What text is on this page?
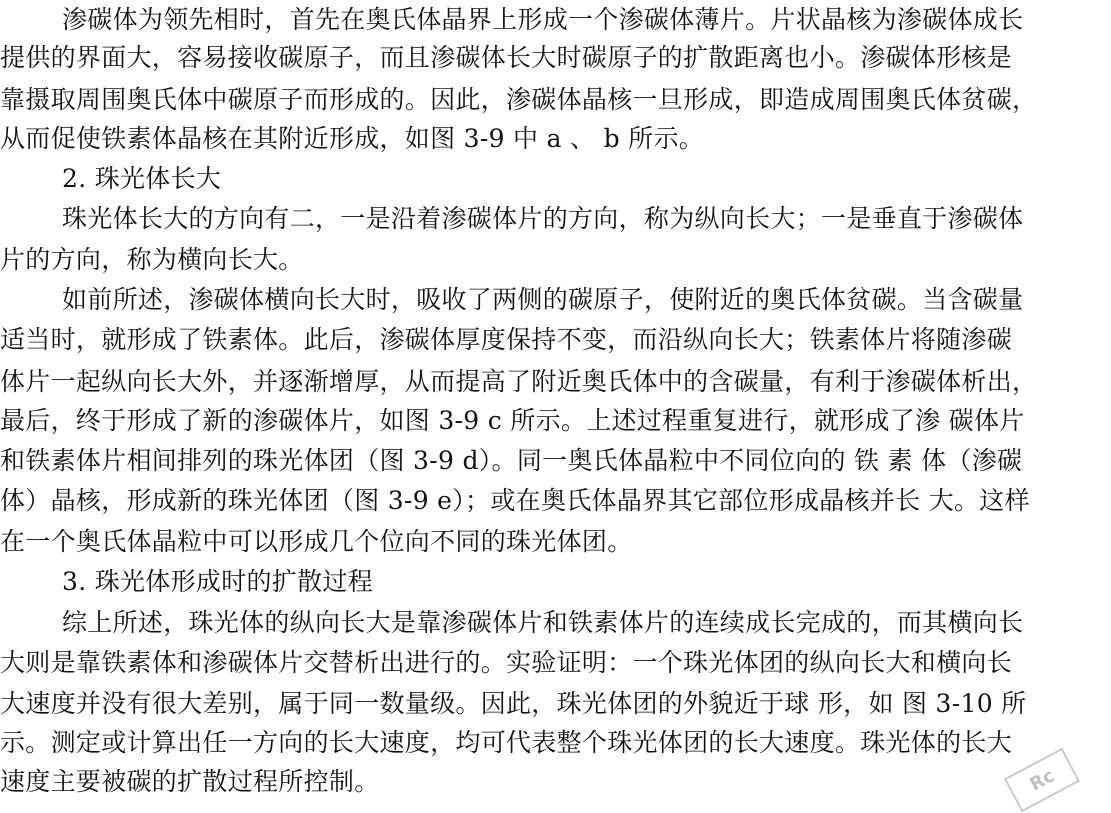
渗碳体为领先相时，首先在奥氏体晶界上形成一个渗碳体薄片。片状晶核为渗碳体成长
提供的界面大，容易接收碳原子，而且渗碳体长大时碳原子的扩散距离也小。渗碳体形核是
靠摄取周围奥氏体中碳原子而形成的。因此，渗碳体晶核一旦形成，即造成周围奥氏体贫碳，
从而促使铁素体晶核在其附近形成，如图 3-9 中 a 、 b 所示。
2. 珠光体长大
珠光体长大的方向有二，一是沿着渗碳体片的方向，称为纵向长大；一是垂直于渗碳体
片的方向，称为横向长大。
如前所述，渗碳体横向长大时，吸收了两侧的碳原子，使附近的奥氏体贫碳。当含碳量
适当时，就形成了铁素体。此后，渗碳体厚度保持不变，而沿纵向长大；铁素体片将随渗碳
体片一起纵向长大外，并逐渐增厚，从而提高了附近奥氏体中的含碳量，有利于渗碳体析出，
最后，终于形成了新的渗碳体片，如图 3-9 c 所示。上述过程重复进行，就形成了渗 碳体片
和铁素体片相间排列的珠光体团（图 3-9 d）。同一奥氏体晶粒中不同位向的 铁 素 体（渗碳
体）晶核，形成新的珠光体团（图 3-9 e）；或在奥氏体晶界其它部位形成晶核并长 大。这样
在一个奥氏体晶粒中可以形成几个位向不同的珠光体团。
3. 珠光体形成时的扩散过程
综上所述，珠光体的纵向长大是靠渗碳体片和铁素体片的连续成长完成的，而其横向长
大则是靠铁素体和渗碳体片交替析出进行的。实验证明：一个珠光体团的纵向长大和横向长
大速度并没有很大差别，属于同一数量级。因此，珠光体团的外貌近于球 形，如 图 3-10 所
示。测定或计算出任一方向的长大速度，均可代表整个珠光体团的长大速度。珠光体的长大
速度主要被碳的扩散过程所控制。	Rc
